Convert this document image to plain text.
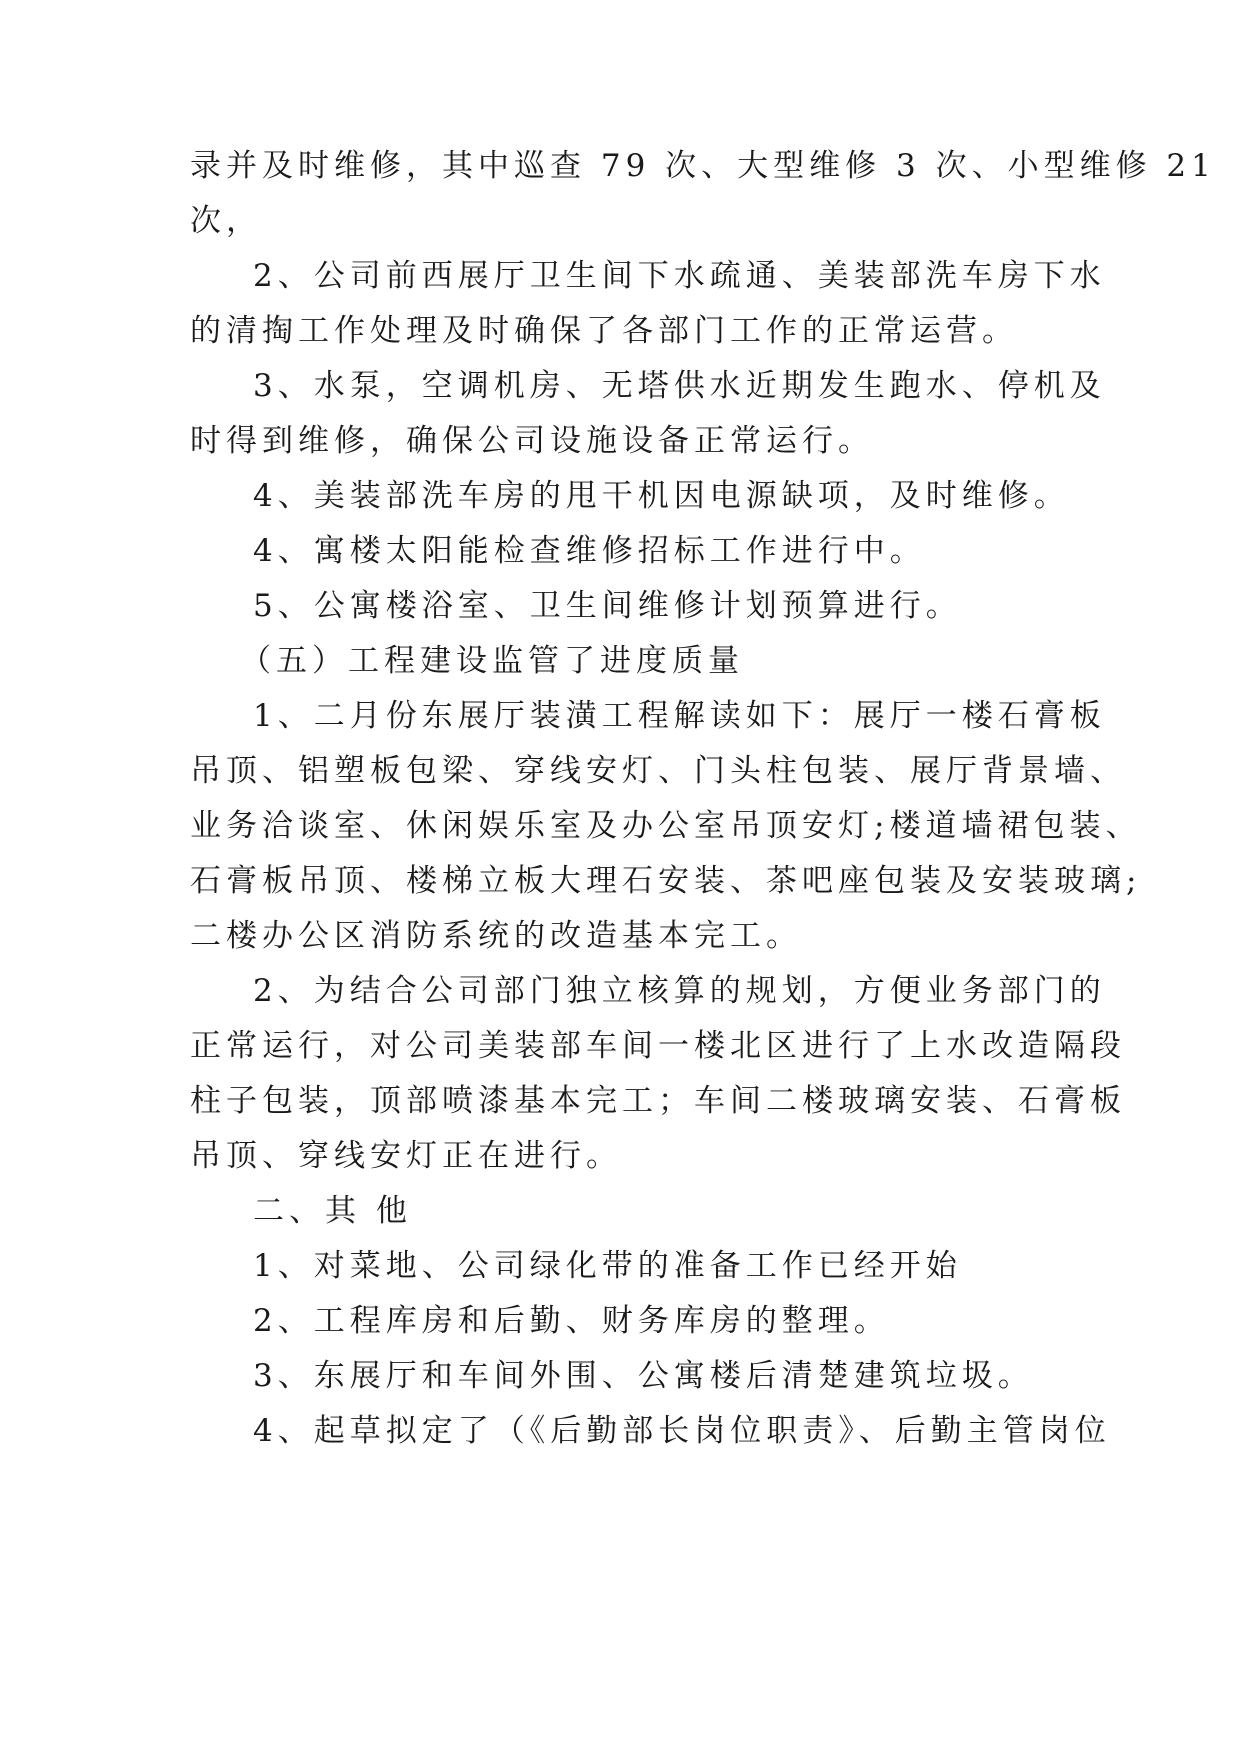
录并及时维修，其中巡查 79 次、大型维修 3 次、小型维修 21
次，
2、公司前西展厅卫生间下水疏通、美装部洗车房下水
的清掏工作处理及时确保了各部门工作的正常运营。
3、水泵，空调机房、无塔供水近期发生跑水、停机及
时得到维修，确保公司设施设备正常运行。
4、美装部洗车房的甩干机因电源缺项，及时维修。
4、寓楼太阳能检查维修招标工作进行中。
5、公寓楼浴室、卫生间维修计划预算进行。
（五）工程建设监管了进度质量
1、二月份东展厅装潢工程解读如下：展厅一楼石膏板
吊顶、铝塑板包梁、穿线安灯、门头柱包装、展厅背景墙、
业务洽谈室、休闲娱乐室及办公室吊顶安灯;楼道墙裙包装、
石膏板吊顶、楼梯立板大理石安装、茶吧座包装及安装玻璃;
二楼办公区消防系统的改造基本完工。
2、为结合公司部门独立核算的规划，方便业务部门的
正常运行，对公司美装部车间一楼北区进行了上水改造隔段
柱子包装，顶部喷漆基本完工；车间二楼玻璃安装、石膏板
吊顶、穿线安灯正在进行。
二、其 他
1、对菜地、公司绿化带的准备工作已经开始
2、工程库房和后勤、财务库房的整理。
3、东展厅和车间外围、公寓楼后清楚建筑垃圾。
4、起草拟定了（《后勤部长岗位职责》、后勤主管岗位
